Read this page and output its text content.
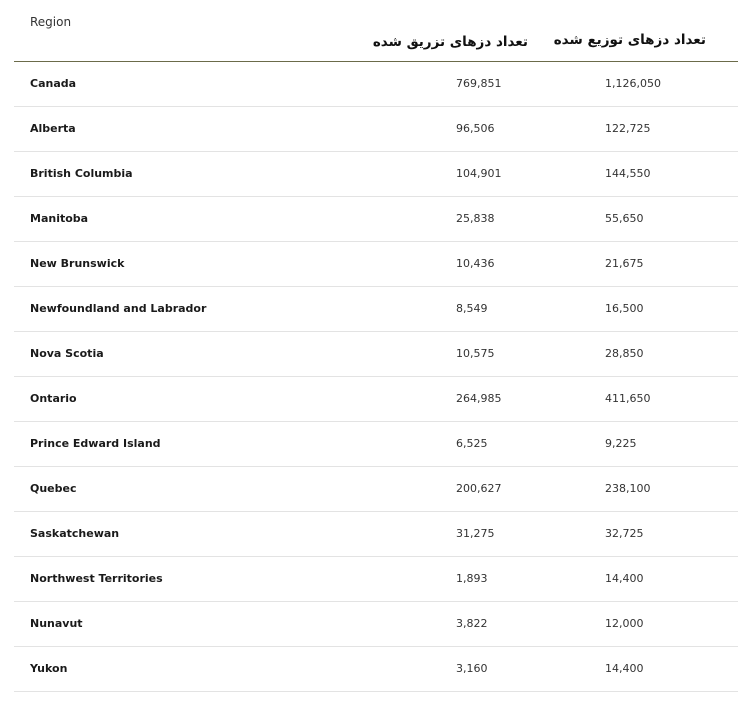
Region
تعداد دزهای تزریق شده تعداد دزهای توزیع شده
Canada	769,851	1,126,050
Alberta	96,506	122,725
British Columbia	104,901	144,550
Manitoba	25,838	55,650
New Brunswick	10,436	21,675
Newfoundland and Labrador	8,549	16,500
Nova Scotia	10,575	28,850
Ontario	264,985	411,650
Prince Edward Island	6,525	9,225
Quebec	200,627	238,100
Saskatchewan	31,275	32,725
Northwest Territories	1,893	14,400
Nunavut	3,822	12,000
Yukon	3,160	14,400
